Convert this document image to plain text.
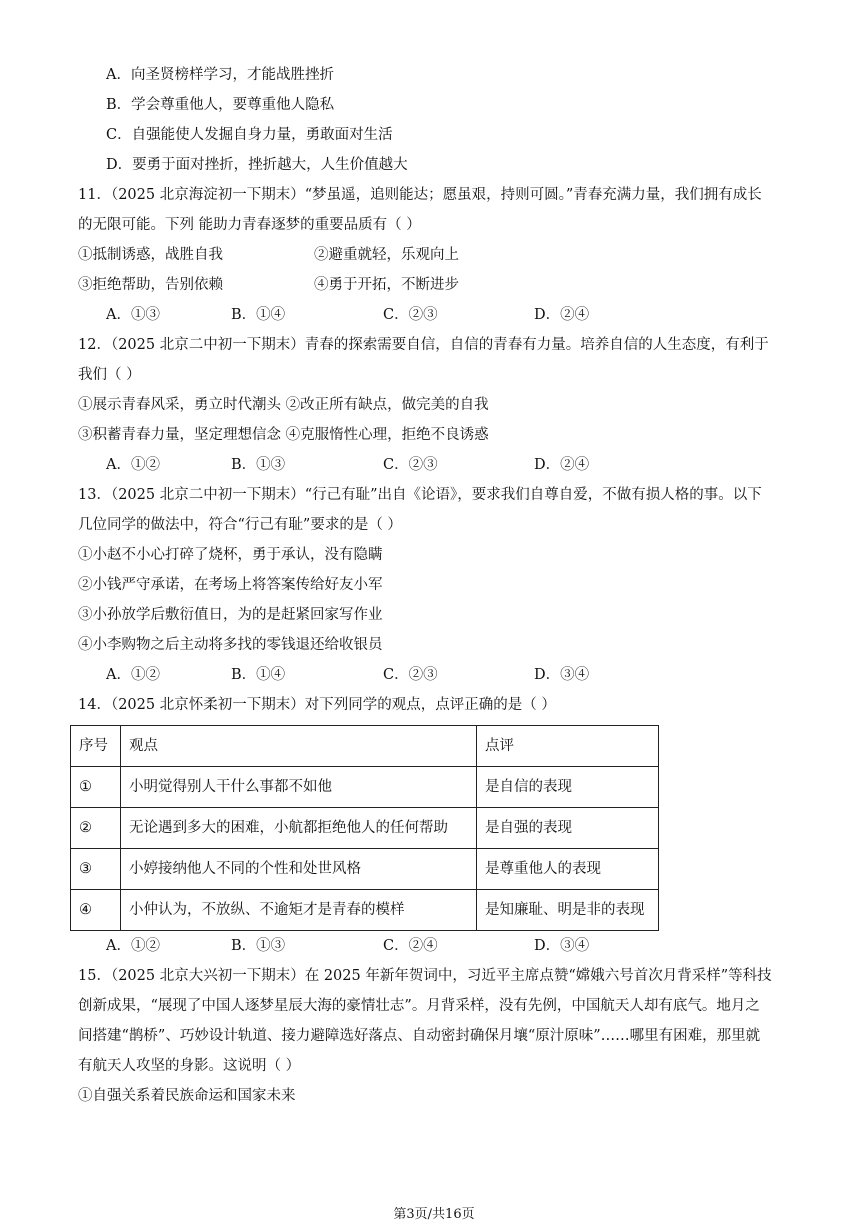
A．向圣贤榜样学习，才能战胜挫折
B．学会尊重他人，要尊重他人隐私
C．自强能使人发掘自身力量，勇敢面对生活
D．要勇于面对挫折，挫折越大，人生价值越大
11．（2025 北京海淀初一下期末）“梦虽遥，追则能达；愿虽艰，持则可圆。”青春充满力量，我们拥有成长
的无限可能。下列 能助力青春逐梦的重要品质有（ ）
①抵制诱惑，战胜自我	②避重就轻，乐观向上
③拒绝帮助，告别依赖	④勇于开拓，不断进步
A．①③	B．①④	C．②③	D．②④
12．（2025 北京二中初一下期末）青春的探索需要自信，自信的青春有力量。培养自信的人生态度，有利于
我们（ ）
①展示青春风采，勇立时代潮头 ②改正所有缺点，做完美的自我
③积蓄青春力量，坚定理想信念 ④克服惰性心理，拒绝不良诱惑
A．①②	B．①③	C．②③	D．②④
13．（2025 北京二中初一下期末）“行己有耻”出自《论语》，要求我们自尊自爱，不做有损人格的事。以下
几位同学的做法中，符合“行己有耻”要求的是（ ）
①小赵不小心打碎了烧杯，勇于承认，没有隐瞒
②小钱严守承诺，在考场上将答案传给好友小军
③小孙放学后敷衍值日，为的是赶紧回家写作业
④小李购物之后主动将多找的零钱退还给收银员
A．①②	B．①④	C．②③	D．③④
14．（2025 北京怀柔初一下期末）对下列同学的观点，点评正确的是（ ）
序号	观点	点评
①	小明觉得别人干什么事都不如他	是自信的表现
②	无论遇到多大的困难，小航都拒绝他人的任何帮助	是自强的表现
③	小婷接纳他人不同的个性和处世风格	是尊重他人的表现
④	小仲认为，不放纵、不逾矩才是青春的模样	是知廉耻、明是非的表现
A．①②	B．①③	C．②④	D．③④
15．（2025 北京大兴初一下期末）在 2025 年新年贺词中，习近平主席点赞“嫦娥六号首次月背采样”等科技
创新成果，“展现了中国人逐梦星辰大海的豪情壮志”。月背采样，没有先例，中国航天人却有底气。地月之
间搭建“鹊桥”、巧妙设计轨道、接力避障选好落点、自动密封确保月壤“原汁原味”……哪里有困难，那里就
有航天人攻坚的身影。这说明（ ）
①自强关系着民族命运和国家未来
第3页/共16页
